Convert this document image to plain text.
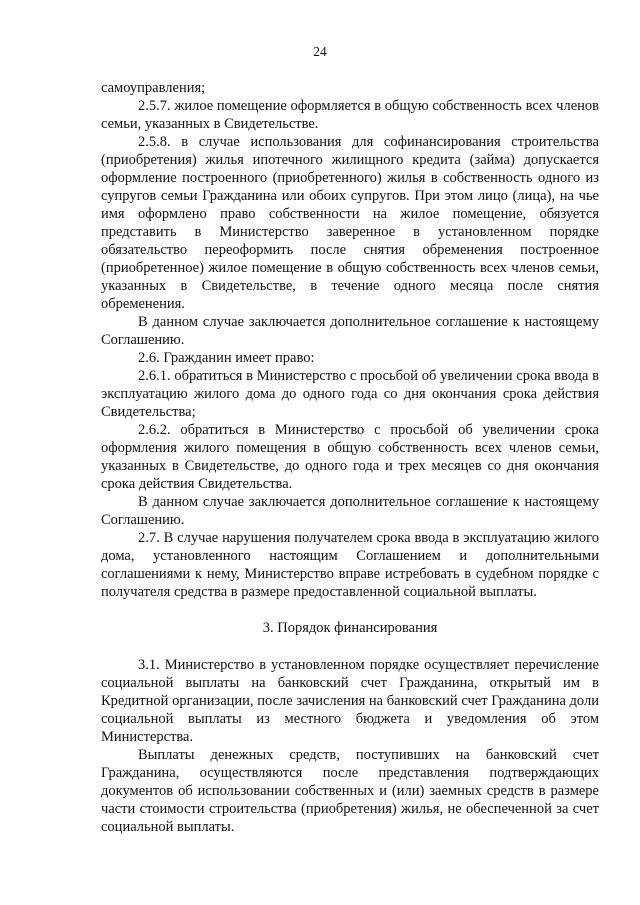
24

самоуправления;

2.5.7. жилое помещение оформляется в общую собственность всех членов семьи, указанных в Свидетельстве.

2.5.8. в случае использования для софинансирования строительства (приобретения) жилья ипотечного жилищного кредита (займа) допускается оформление построенного (приобретенного) жилья в собственность одного из супругов семьи Гражданина или обоих супругов. При этом лицо (лица), на чье имя оформлено право собственности на жилое помещение, обязуется представить в Министерство заверенное в установленном порядке обязательство переоформить после снятия обременения построенное (приобретенное) жилое помещение в общую собственность всех членов семьи, указанных в Свидетельстве, в течение одного месяца после снятия обременения.

В данном случае заключается дополнительное соглашение к настоящему Соглашению.

2.6. Гражданин имеет право:

2.6.1. обратиться в Министерство с просьбой об увеличении срока ввода в эксплуатацию жилого дома до одного года со дня окончания срока действия Свидетельства;

2.6.2. обратиться в Министерство с просьбой об увеличении срока оформления жилого помещения в общую собственность всех членов семьи, указанных в Свидетельстве, до одного года и трех месяцев со дня окончания срока действия Свидетельства.

В данном случае заключается дополнительное соглашение к настоящему Соглашению.

2.7. В случае нарушения получателем срока ввода в эксплуатацию жилого дома, установленного настоящим Соглашением и дополнительными соглашениями к нему, Министерство вправе истребовать в судебном порядке с получателя средства в размере предоставленной социальной выплаты.

3. Порядок финансирования

3.1. Министерство в установленном порядке осуществляет перечисление социальной выплаты на банковский счет Гражданина, открытый им в Кредитной организации, после зачисления на банковский счет Гражданина доли социальной выплаты из местного бюджета и уведомления об этом Министерства.

Выплаты денежных средств, поступивших на банковский счет Гражданина, осуществляются после представления подтверждающих документов об использовании собственных и (или) заемных средств в размере части стоимости строительства (приобретения) жилья, не обеспеченной за счет социальной выплаты.
